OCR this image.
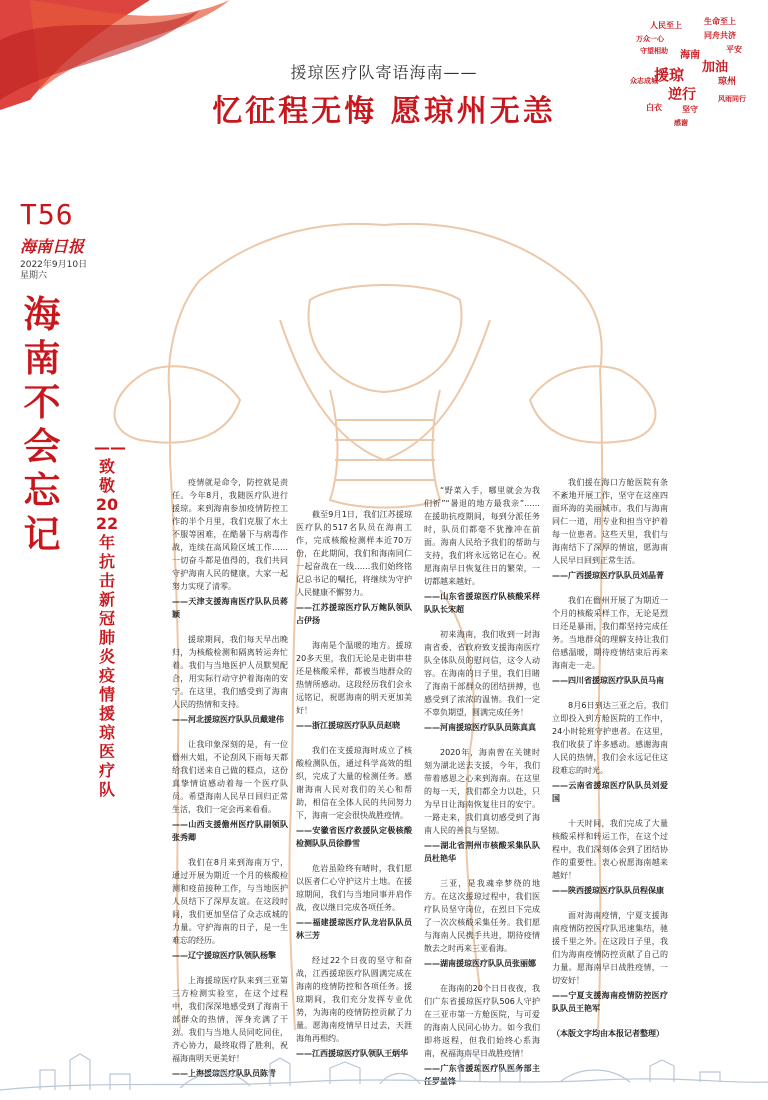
援琼医疗队寄语海南——
忆征程无悔 愿琼州无恙
人民至上	生命至上
援琼 加油
逆行
同舟共济
万众一心
守望相助
琼州
众志成城
海南
平安
白衣	坚守
风雨同行
感谢
T56
海南日报
2022年9月10日
星期六
海
南
不
会
忘
记
——致敬2022年抗击新冠肺炎疫情援琼医疗队

疫情就是命令，防控就是责任。今年8月，我随医疗队进行援琼。来到海南参加疫情防控工作的半个月里，我们克服了水土不服等困难，在酷暑下与病毒作战，连续在高风险区域工作……一切奋斗都是值得的，我们共同守护海南人民的健康，大家一起努力实现了清零。

——天津支援海南医疗队队员蒋颖

援琼期间，我们每天早出晚归，为核酸检测和隔离转运奔忙着。我们与当地医护人员默契配合，用实际行动守护着海南的安宁。在这里，我们感受到了海南人民的热情和支持。

——河北援琼医疗队队员戴建伟

让我印象深刻的是，有一位儋州大姐，不论刮风下雨每天都给我们送来自己做的糕点，这份真挚情谊感动着每一个医疗队员。希望海南人民早日回归正常生活，我们一定会再来看看。

——山西支援儋州医疗队副领队张秀卿

我们在8月来到海南万宁，通过开展为期近一个月的核酸检测和疫苗接种工作，与当地医护人员结下了深厚友谊。在这段时间，我们更加坚信了众志成城的力量。守护海南的日子，是一生难忘的经历。

——辽宁援琼医疗队领队杨擎

上海援琼医疗队来到三亚第三方检测实验室，在这个过程中，我们深深地感受到了海南干部群众的热情，浑身充满了干劲。我们与当地人员同吃同住，齐心协力，最终取得了胜利，祝福海南明天更美好！

——上海援琼医疗队队员陈青

截至9月1日，我们江苏援琼医疗队的517名队员在海南工作，完成核酸检测样本近70万份，在此期间，我们和海南同仁一起奋战在一线……我们始终铭记总书记的嘱托，将继续为守护人民健康不懈努力。

——江苏援琼医疗队万鲍队领队占伊扬

海南是个温暖的地方。援琼20多天里，我们无论是走街串巷还是核酸采样，都被当地群众的热情所感动。这段经历我们会永远铭记，祝愿海南的明天更加美好！

——浙江援琼医疗队队员赵晓

我们在支援琼海时成立了核酸检测队伍，通过科学高效的组织，完成了大量的检测任务。感谢海南人民对我们的关心和帮助，相信在全体人民的共同努力下，海南一定会很快战胜疫情。

——安徽省医疗救援队定极核酸检测队队员徐静雪

危岩虽险终有晴时，我们愿以医者仁心守护这片土地。在援琼期间，我们与当地同事并肩作战，夜以继日完成各项任务。

——福建援琼医疗队龙岩队队员林三芳

经过22个日夜的坚守和奋战，江西援琼医疗队圆满完成在海南的疫情防控和各项任务。援琼期间，我们充分发挥专业优势，为海南的疫情防控贡献了力量。愿海南疫情早日过去，天涯海角再相约。

——江西援琼医疗队领队王炳华

“野菜入手，哪里就会为我们祈”“暑退的地方最我亲”……在援助抗疫期间，每到分派任务时，队员们都毫不犹豫冲在前面。海南人民给予我们的帮助与支持，我们将永远铭记在心。祝愿海南早日恢复往日的繁荣，一切都越来越好。

——山东省援琼医疗队核酸采样队队长宋超

初来海南，我们收到一封海南省委、省政府致支援海南医疗队全体队员的慰问信，这令人动容。在海南的日子里，我们目睹了海南干部群众的团结拼搏，也感受到了浓浓的温情。我们一定不辜负期望，圆满完成任务！

——河南援琼医疗队队员陈真真

2020年，海南曾在关键时刻为湖北送去支援，今年，我们带着感恩之心来到海南。在这里的每一天，我们都全力以赴，只为早日让海南恢复往日的安宁。一路走来，我们真切感受到了海南人民的善良与坚韧。

——湖北省荆州市核酸采集队队员杜艳华

三亚，是我魂牵梦绕的地方。在这次援琼过程中，我们医疗队员坚守岗位，在烈日下完成了一次次核酸采集任务。我们愿与海南人民携手共进，期待疫情散去之时再来三亚看海。

——湖南援琼医疗队队员张丽娜

在海南的20个日日夜夜，我们广东省援琼医疗队506人守护在三亚市第一方舱医院，与可爱的海南人民同心协力。如今我们即将返程，但我们始终心系海南，祝福海南早日战胜疫情！

——广东省援琼医疗队医务部主任罗益锋

我们援在海口方舱医院有条不紊地开展工作，坚守在这座四面环海的美丽城市。我们与海南同仁一道，用专业和担当守护着每一位患者。这些天里，我们与海南结下了深厚的情谊，愿海南人民早日回到正常生活。

——广西援琼医疗队队员刘晶菁

我们在儋州开展了为期近一个月的核酸采样工作，无论是烈日还是暴雨，我们都坚持完成任务。当地群众的理解支持让我们倍感温暖，期待疫情结束后再来海南走一走。

——四川省援琼医疗队队员马南

8月6日到达三亚之后，我们立即投入到方舱医院的工作中，24小时轮班守护患者。在这里，我们收获了许多感动。感谢海南人民的热情，我们会永远记住这段难忘的时光。

——云南省援琼医疗队队员刘爱国

十天时间，我们完成了大量核酸采样和转运工作，在这个过程中，我们深刻体会到了团结协作的重要性。衷心祝愿海南越来越好！

——陕西援琼医疗队队员程保康

面对海南疫情，宁夏支援海南疫情防控医疗队迅速集结，驰援千里之外。在这段日子里，我们为海南疫情防控贡献了自己的力量。愿海南早日战胜疫情，一切安好！

——宁夏支援海南疫情防控医疗队队员王艳军

（本版文字均由本报记者整理）
